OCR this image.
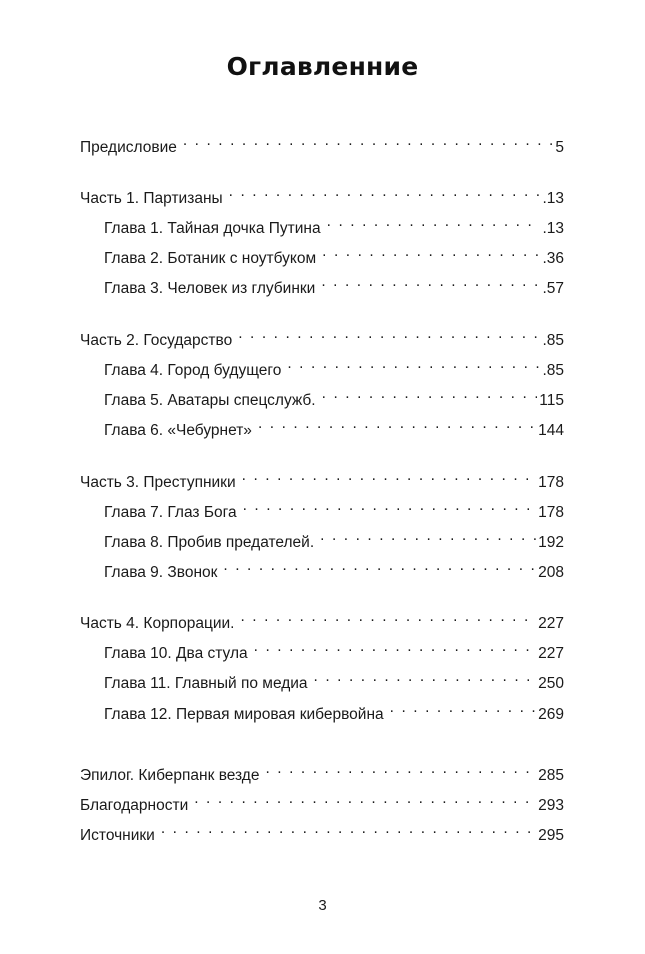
Оглавленние
Предисловие . . .	5
Часть 1. Партизаны . . .	.13
Глава 1. Тайная дочка Путина . . .	.13
Глава 2. Ботаник с ноутбуком . . .	.36
Глава 3. Человек из глубинки . . .	.57
Часть 2. Государство . . .	.85
Глава 4. Город будущего . . .	.85
Глава 5. Аватары спецслужб. . . .	115
Глава 6. «Чебурнет» . . .	144
Часть 3. Преступники . . .	178
Глава 7. Глаз Бога . . .	178
Глава 8. Пробив предателей. . . .	192
Глава 9. Звонок . . .	208
Часть 4. Корпорации. . . .	227
Глава 10. Два стула . . .	227
Глава 11. Главный по медиа . . .	250
Глава 12. Первая мировая кибервойна . . .	269
Эпилог. Киберпанк везде . . .	285
Благодарности . . .	293
Источники . . .	295
3
